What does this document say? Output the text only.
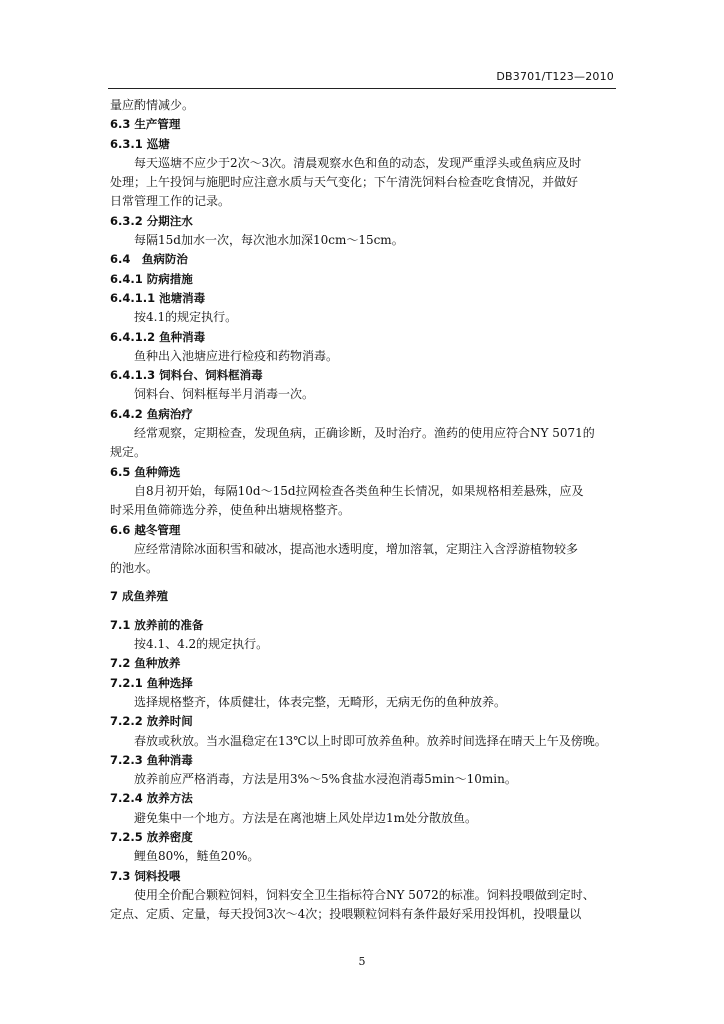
DB3701/T123—2010
量应酌情减少。
6.3 生产管理
6.3.1 巡塘
每天巡塘不应少于2次～3次。清晨观察水色和鱼的动态，发现严重浮头或鱼病应及时
处理；上午投饲与施肥时应注意水质与天气变化；下午清洗饲料台检查吃食情况，并做好
日常管理工作的记录。
6.3.2 分期注水
每隔15d加水一次，每次池水加深10cm～15cm。
6.4　鱼病防治
6.4.1 防病措施
6.4.1.1 池塘消毒
按4.1的规定执行。
6.4.1.2 鱼种消毒
鱼种出入池塘应进行检疫和药物消毒。
6.4.1.3 饲料台、饲料框消毒
饲料台、饲料框每半月消毒一次。
6.4.2 鱼病治疗
经常观察，定期检查，发现鱼病，正确诊断，及时治疗。渔药的使用应符合NY 5071的
规定。
6.5 鱼种筛选
自8月初开始，每隔10d～15d拉网检查各类鱼种生长情况，如果规格相差悬殊，应及
时采用鱼筛筛选分养，使鱼种出塘规格整齐。
6.6 越冬管理
应经常清除冰面积雪和破冰，提高池水透明度，增加溶氧，定期注入含浮游植物较多
的池水。
7 成鱼养殖
7.1 放养前的准备
按4.1、4.2的规定执行。
7.2 鱼种放养
7.2.1 鱼种选择
选择规格整齐，体质健壮，体表完整，无畸形，无病无伤的鱼种放养。
7.2.2 放养时间
春放或秋放。当水温稳定在13℃以上时即可放养鱼种。放养时间选择在晴天上午及傍晚。
7.2.3 鱼种消毒
放养前应严格消毒，方法是用3%～5%食盐水浸泡消毒5min～10min。
7.2.4 放养方法
避免集中一个地方。方法是在离池塘上风处岸边1m处分散放鱼。
7.2.5 放养密度
鲤鱼80%，鲢鱼20%。
7.3 饲料投喂
使用全价配合颗粒饲料，饲料安全卫生指标符合NY 5072的标准。饲料投喂做到定时、
定点、定质、定量，每天投饲3次～4次；投喂颗粒饲料有条件最好采用投饵机，投喂量以
5
